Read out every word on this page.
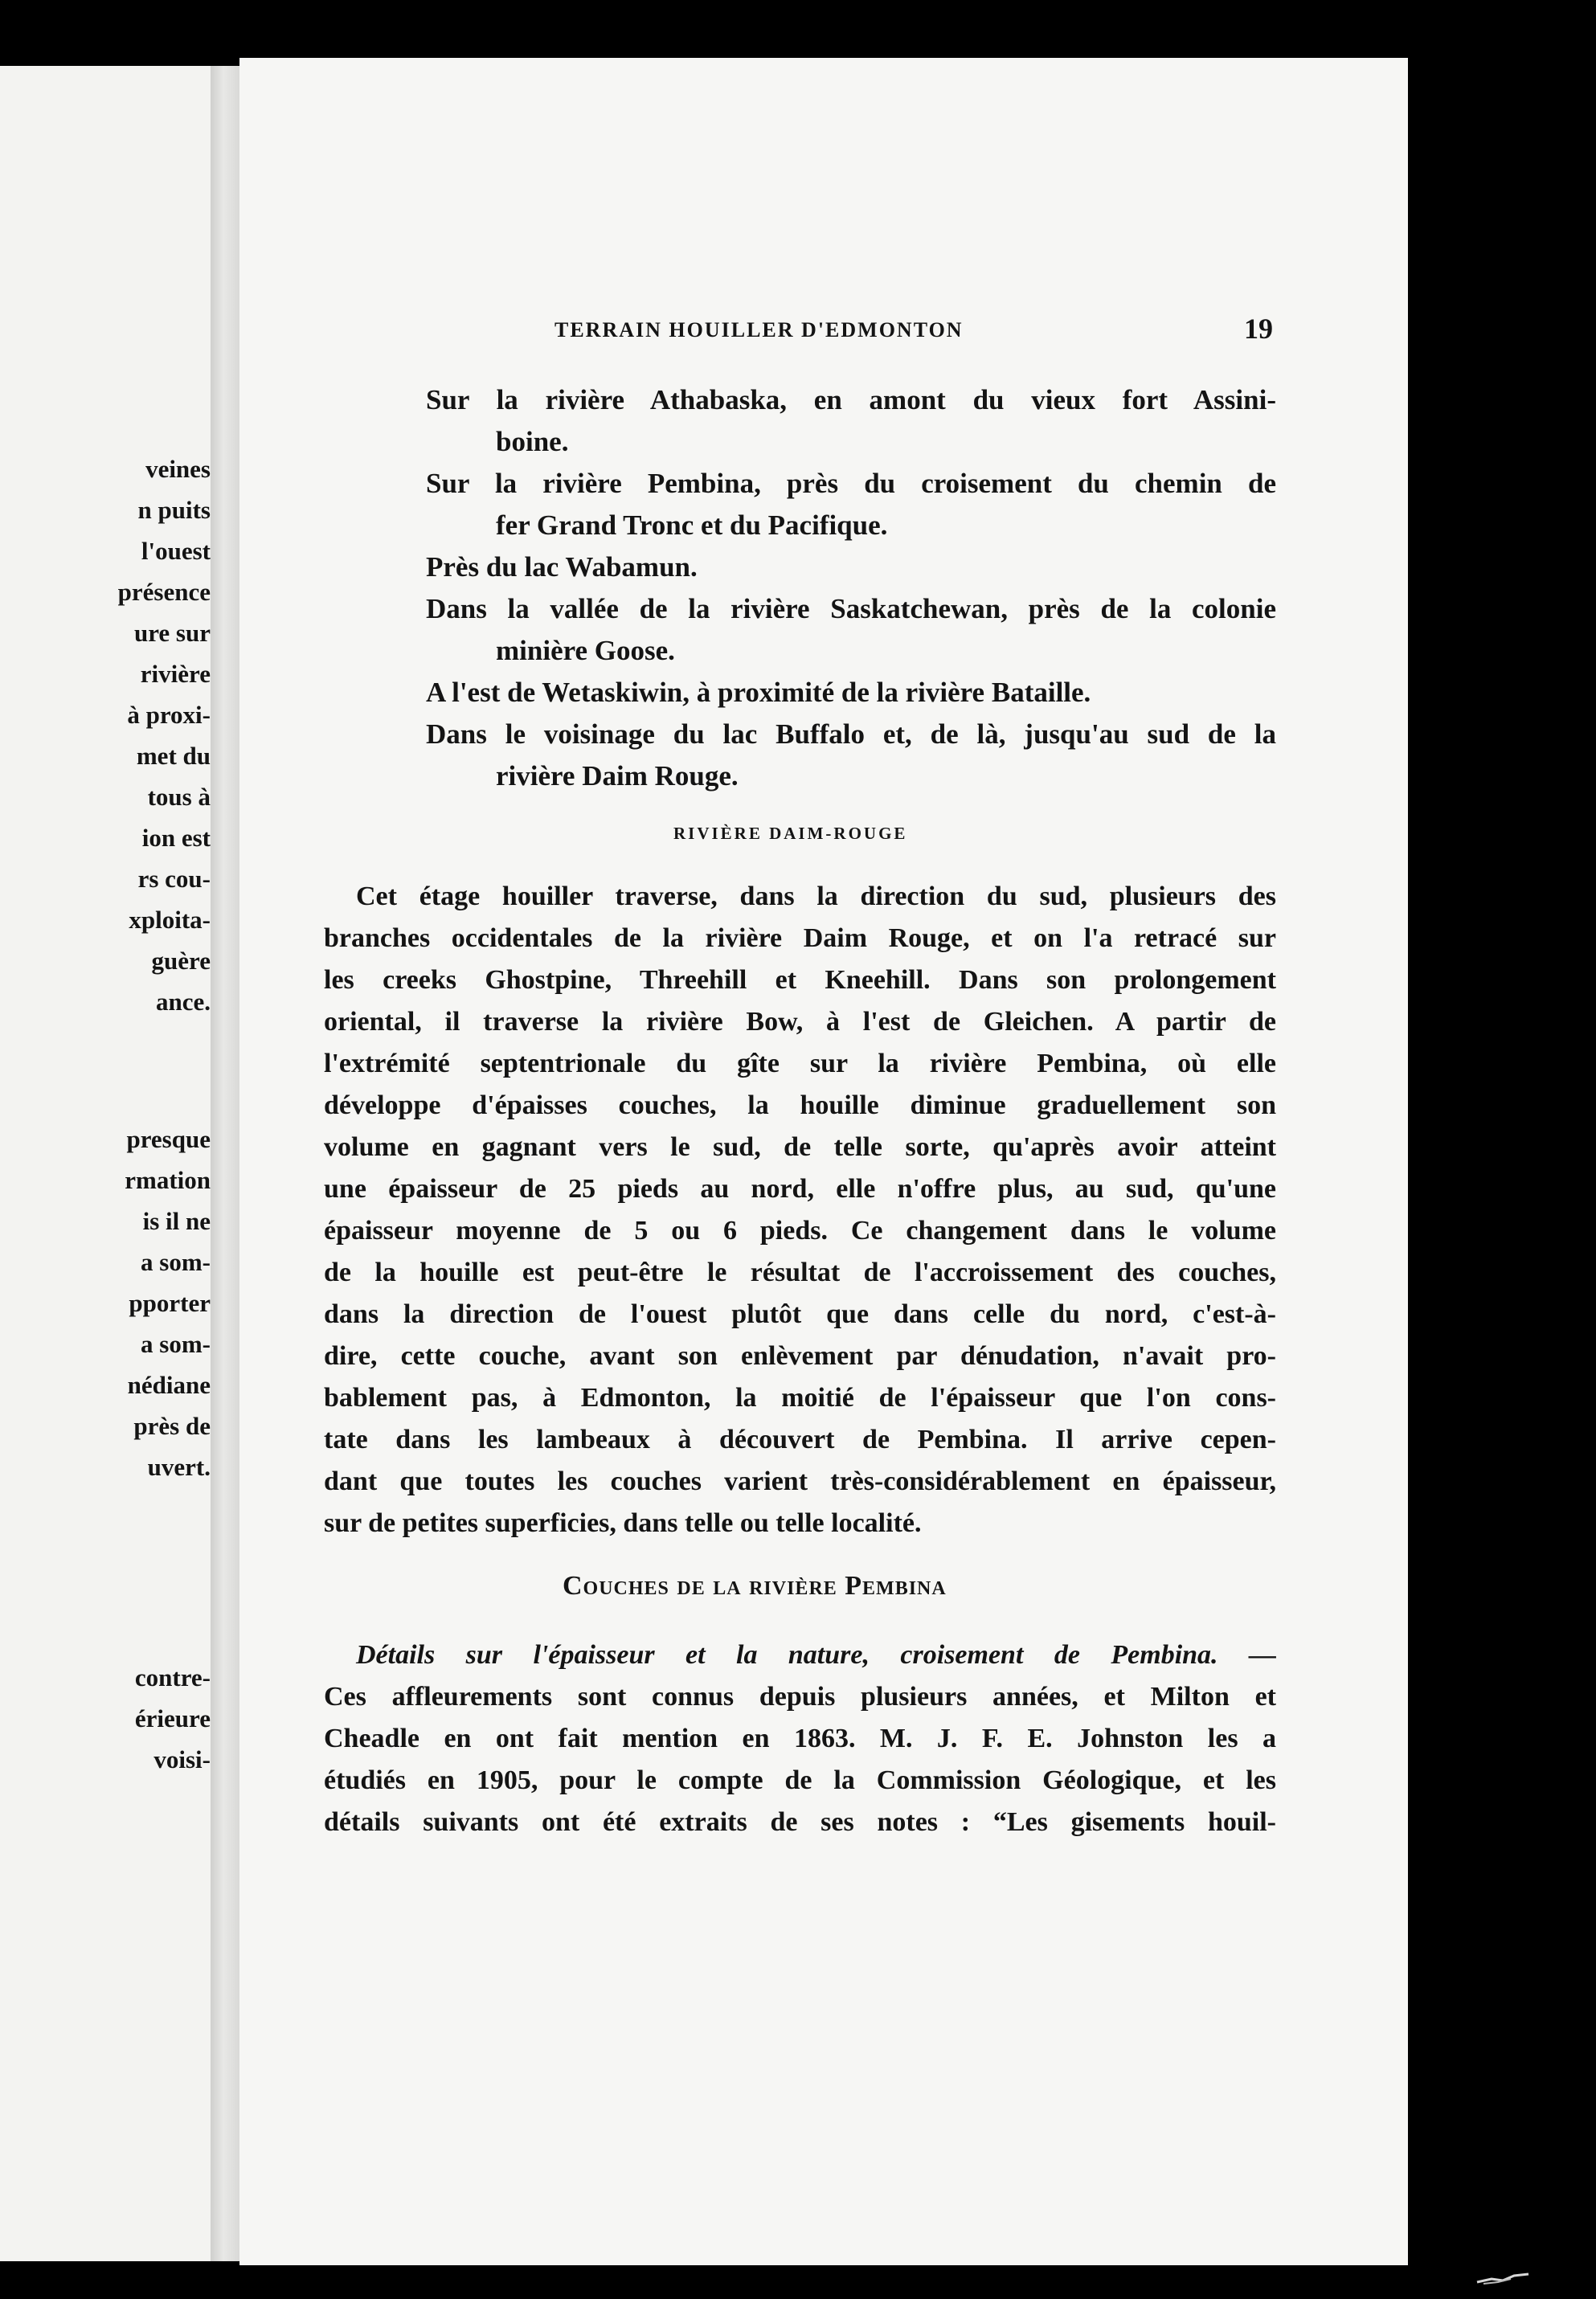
veines
n puits
l'ouest
présence
ure sur
rivière
à proxi-
met du
tous à
ion est
rs cou-
xploita-
guère
ance.
presque
rmation
is il ne
a som-
pporter
a som-
nédiane
près de
uvert.
contre-
érieure
voisi-
TERRAIN HOUILLER D'EDMONTON	19
Sur la rivière Athabaska, en amont du vieux fort Assini-
boine.
Sur la rivière Pembina, près du croisement du chemin de
fer Grand Tronc et du Pacifique.
Près du lac Wabamun.
Dans la vallée de la rivière Saskatchewan, près de la colonie
minière Goose.
A l'est de Wetaskiwin, à proximité de la rivière Bataille.
Dans le voisinage du lac Buffalo et, de là, jusqu'au sud de la
rivière Daim Rouge.
RIVIÈRE DAIM-ROUGE
Cet étage houiller traverse, dans la direction du sud, plusieurs des
branches occidentales de la rivière Daim Rouge, et on l'a retracé sur
les creeks Ghostpine, Threehill et Kneehill. Dans son prolongement
oriental, il traverse la rivière Bow, à l'est de Gleichen. A partir de
l'extrémité septentrionale du gîte sur la rivière Pembina, où elle
développe d'épaisses couches, la houille diminue graduellement son
volume en gagnant vers le sud, de telle sorte, qu'après avoir atteint
une épaisseur de 25 pieds au nord, elle n'offre plus, au sud, qu'une
épaisseur moyenne de 5 ou 6 pieds. Ce changement dans le volume
de la houille est peut-être le résultat de l'accroissement des couches,
dans la direction de l'ouest plutôt que dans celle du nord, c'est-à-
dire, cette couche, avant son enlèvement par dénudation, n'avait pro-
bablement pas, à Edmonton, la moitié de l'épaisseur que l'on cons-
tate dans les lambeaux à découvert de Pembina. Il arrive cepen-
dant que toutes les couches varient très-considérablement en épaisseur,
sur de petites superficies, dans telle ou telle localité.
Couches de la rivière Pembina
Détails sur l'épaisseur et la nature, croisement de Pembina. —
Ces affleurements sont connus depuis plusieurs années, et Milton et
Cheadle en ont fait mention en 1863. M. J. F. E. Johnston les a
étudiés en 1905, pour le compte de la Commission Géologique, et les
détails suivants ont été extraits de ses notes : “Les gisements houil-
